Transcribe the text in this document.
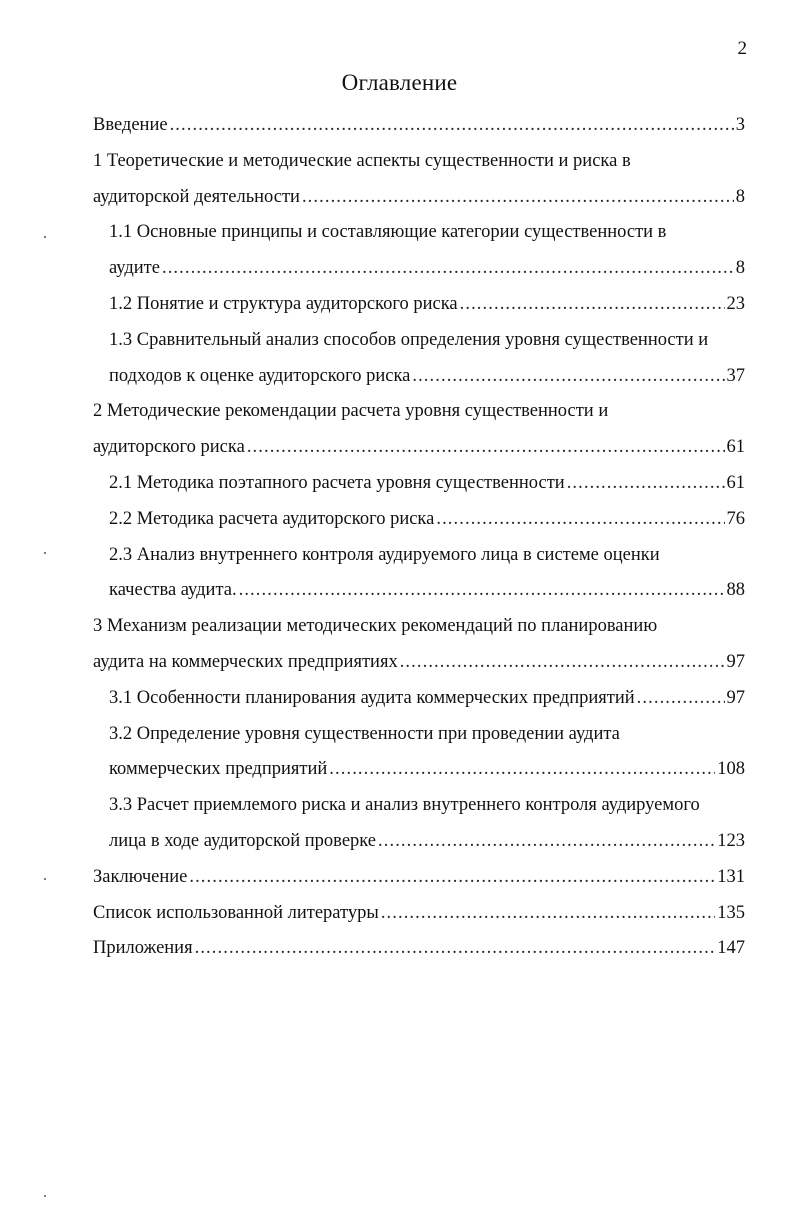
2
Оглавление
Введение .....	3
1 Теоретические и методические аспекты существенности и риска в
аудиторской деятельности .....	8
1.1 Основные принципы и составляющие категории существенности в
аудите .....	8
1.2 Понятие и структура аудиторского риска .....	23
1.3 Сравнительный анализ способов определения уровня существенности и
подходов к оценке аудиторского риска .....	37
2 Методические рекомендации расчета уровня существенности и
аудиторского риска .....	61
2.1 Методика поэтапного расчета уровня существенности .....	61
2.2 Методика расчета аудиторского риска .....	76
2.3 Анализ внутреннего контроля аудируемого лица в системе оценки
качества аудита. .....	88
3 Механизм реализации методических рекомендаций по планированию
аудита на коммерческих предприятиях .....	97
3.1 Особенности планирования аудита коммерческих предприятий .....	97
3.2 Определение уровня существенности при проведении аудита
коммерческих предприятий .....	108
3.3 Расчет приемлемого риска и анализ внутреннего контроля аудируемого
лица в ходе аудиторской проверке .....	123
Заключение .....	131
Список использованной литературы .....	135
Приложения .....	147
